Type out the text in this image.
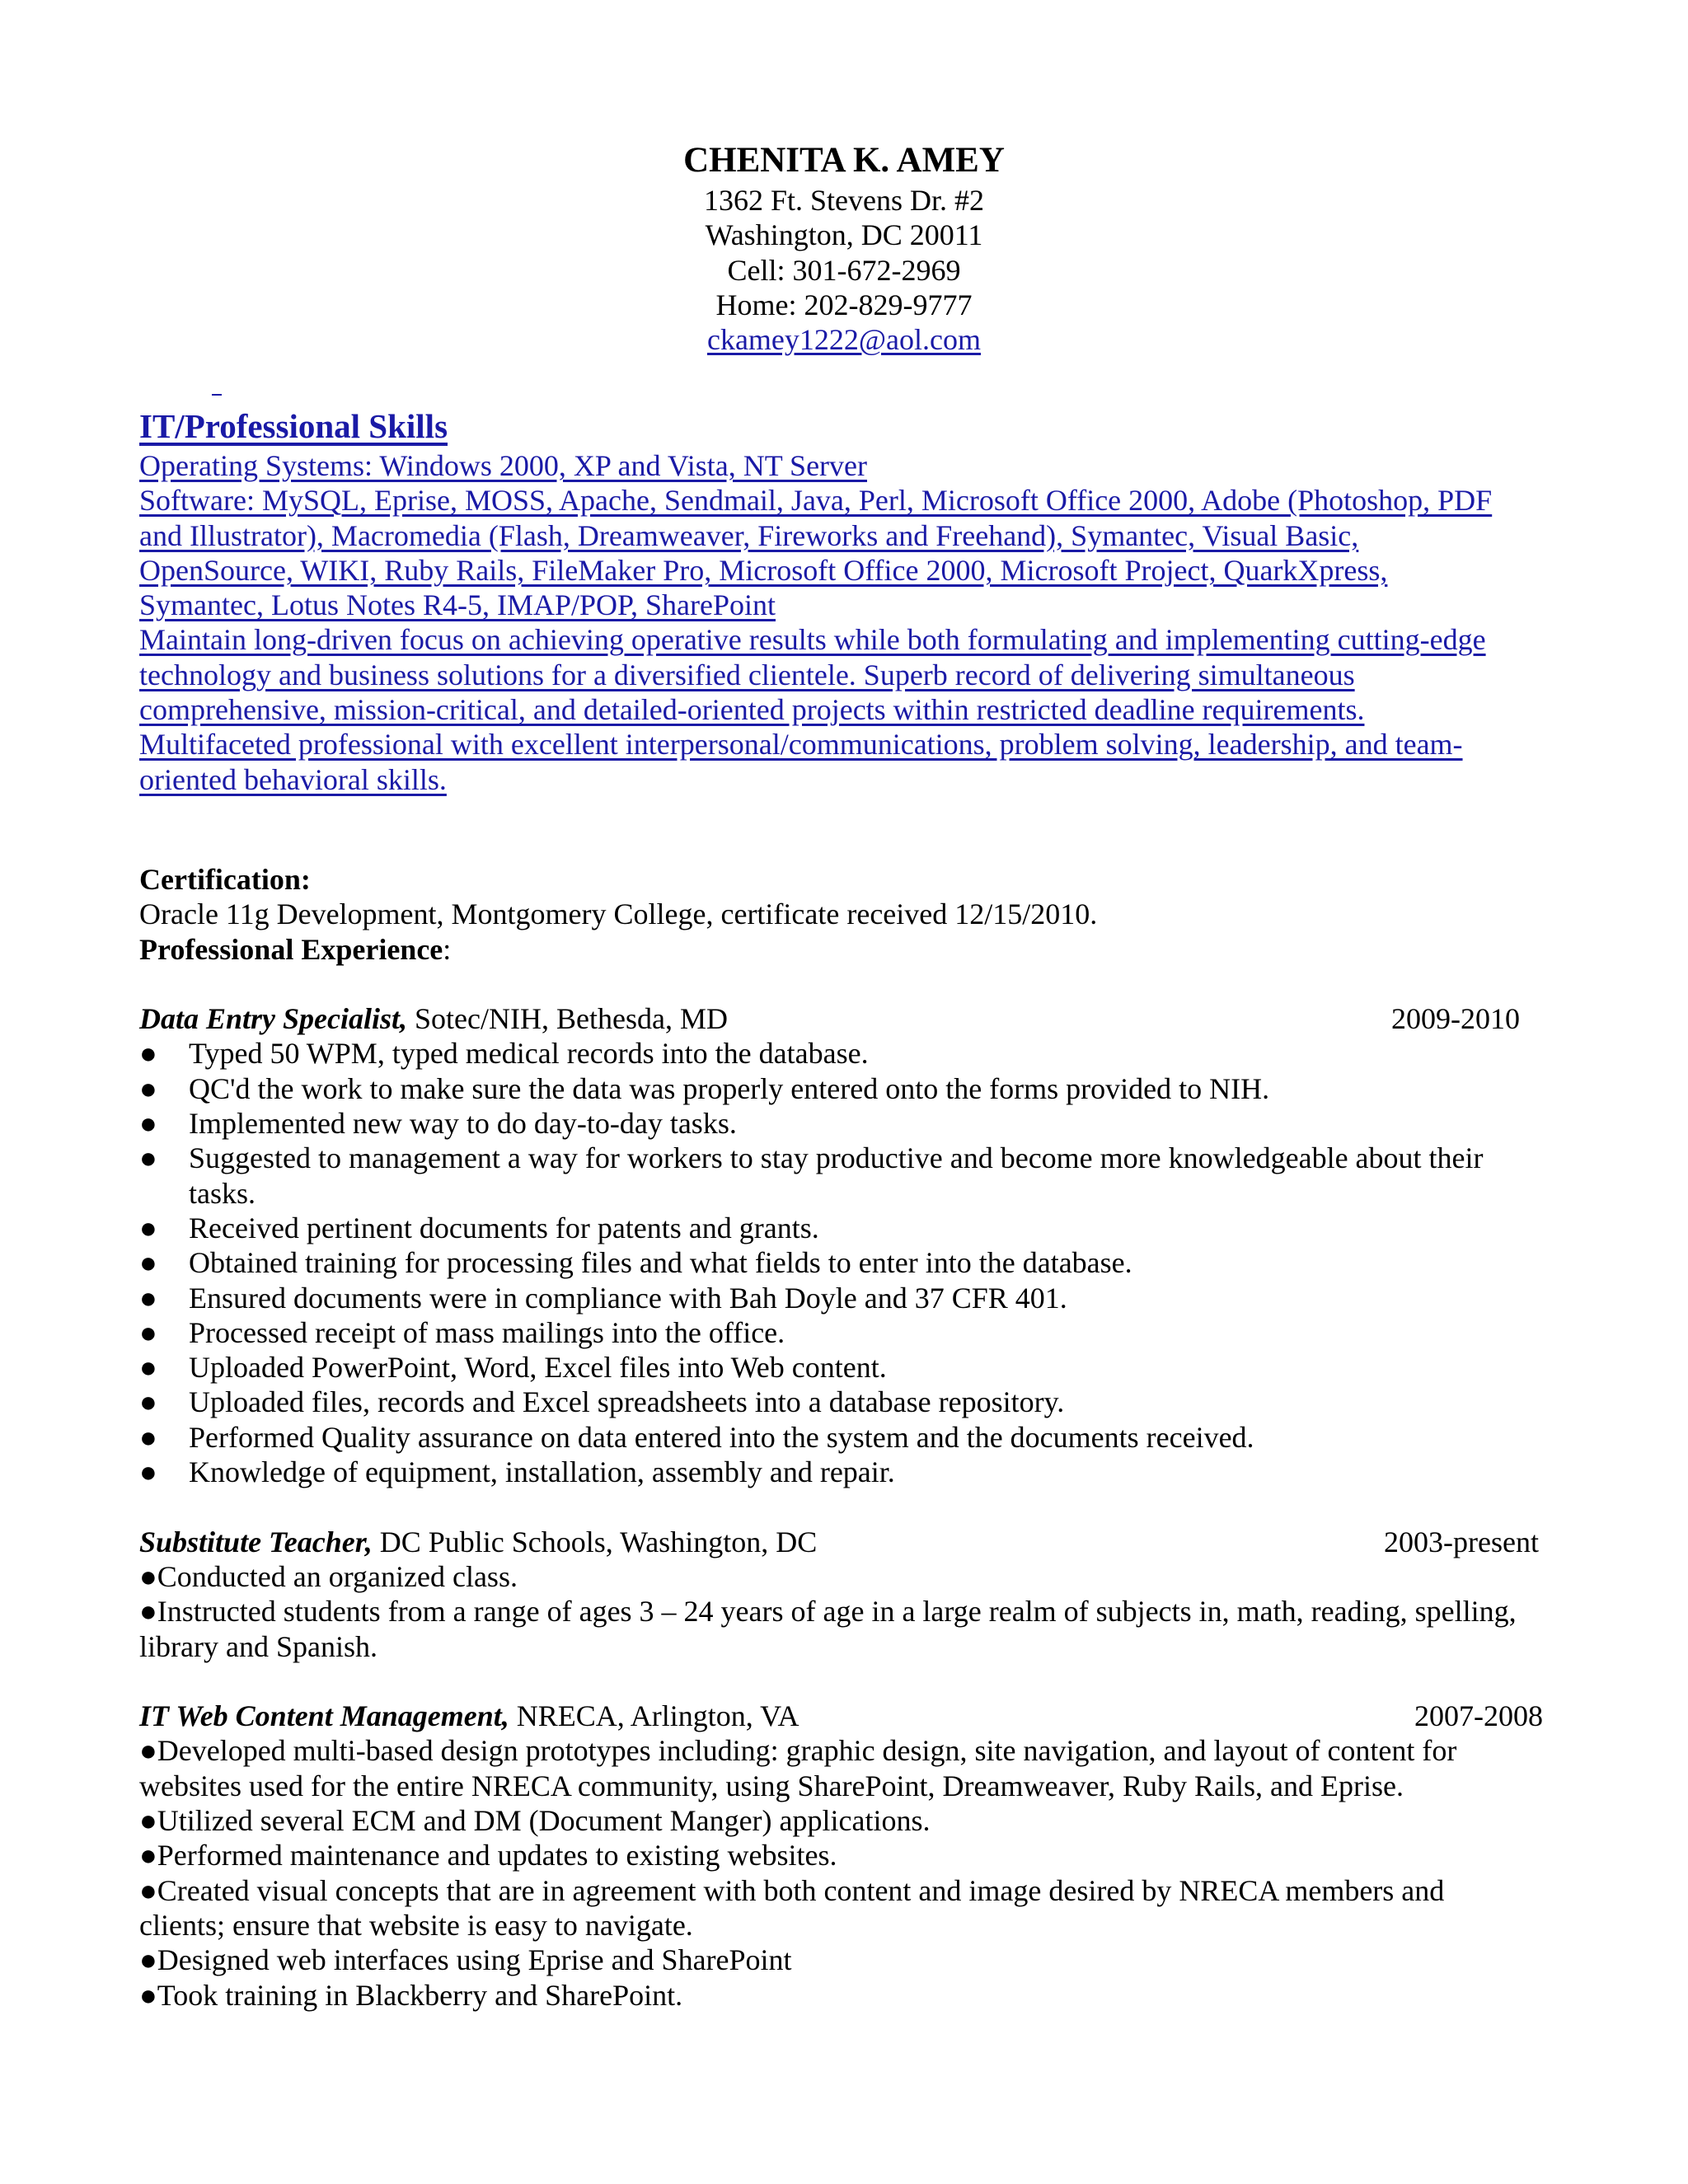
CHENITA K. AMEY
1362 Ft. Stevens Dr. #2
Washington, DC 20011
Cell: 301-672-2969
Home: 202-829-9777
ckamey1222@aol.com
IT/Professional Skills
Operating Systems: Windows 2000, XP and Vista, NT Server
Software: MySQL, Eprise, MOSS, Apache, Sendmail, Java, Perl, Microsoft Office 2000, Adobe (Photoshop, PDF
and Illustrator), Macromedia (Flash, Dreamweaver, Fireworks and Freehand), Symantec, Visual Basic,
OpenSource, WIKI, Ruby Rails, FileMaker Pro, Microsoft Office 2000, Microsoft Project, QuarkXpress,
Symantec, Lotus Notes R4-5, IMAP/POP, SharePoint
Maintain long-driven focus on achieving operative results while both formulating and implementing cutting-edge
technology and business solutions for a diversified clientele. Superb record of delivering simultaneous
comprehensive, mission-critical, and detailed-oriented projects within restricted deadline requirements.
Multifaceted professional with excellent interpersonal/communications, problem solving, leadership, and team-
oriented behavioral skills.
Certification:
Oracle 11g Development, Montgomery College, certificate received 12/15/2010.
Professional Experience:
Data Entry Specialist, Sotec/NIH, Bethesda, MD	2009-2010
● Typed 50 WPM, typed medical records into the database.
● QC'd the work to make sure the data was properly entered onto the forms provided to NIH.
● Implemented new way to do day-to-day tasks.
● Suggested to management a way for workers to stay productive and become more knowledgeable about their tasks.
● Received pertinent documents for patents and grants.
● Obtained training for processing files and what fields to enter into the database.
● Ensured documents were in compliance with Bah Doyle and 37 CFR 401.
● Processed receipt of mass mailings into the office.
● Uploaded PowerPoint, Word, Excel files into Web content.
● Uploaded files, records and Excel spreadsheets into a database repository.
● Performed Quality assurance on data entered into the system and the documents received.
● Knowledge of equipment, installation, assembly and repair.
Substitute Teacher, DC Public Schools, Washington, DC	2003-present
●Conducted an organized class.
●Instructed students from a range of ages 3 – 24 years of age in a large realm of subjects in, math, reading, spelling, library and Spanish.
IT Web Content Management, NRECA, Arlington, VA	2007-2008
●Developed multi-based design prototypes including: graphic design, site navigation, and layout of content for websites used for the entire NRECA community, using SharePoint, Dreamweaver, Ruby Rails, and Eprise.
●Utilized several ECM and DM (Document Manger) applications.
●Performed maintenance and updates to existing websites.
●Created visual concepts that are in agreement with both content and image desired by NRECA members and clients; ensure that website is easy to navigate.
●Designed web interfaces using Eprise and SharePoint
●Took training in Blackberry and SharePoint.
